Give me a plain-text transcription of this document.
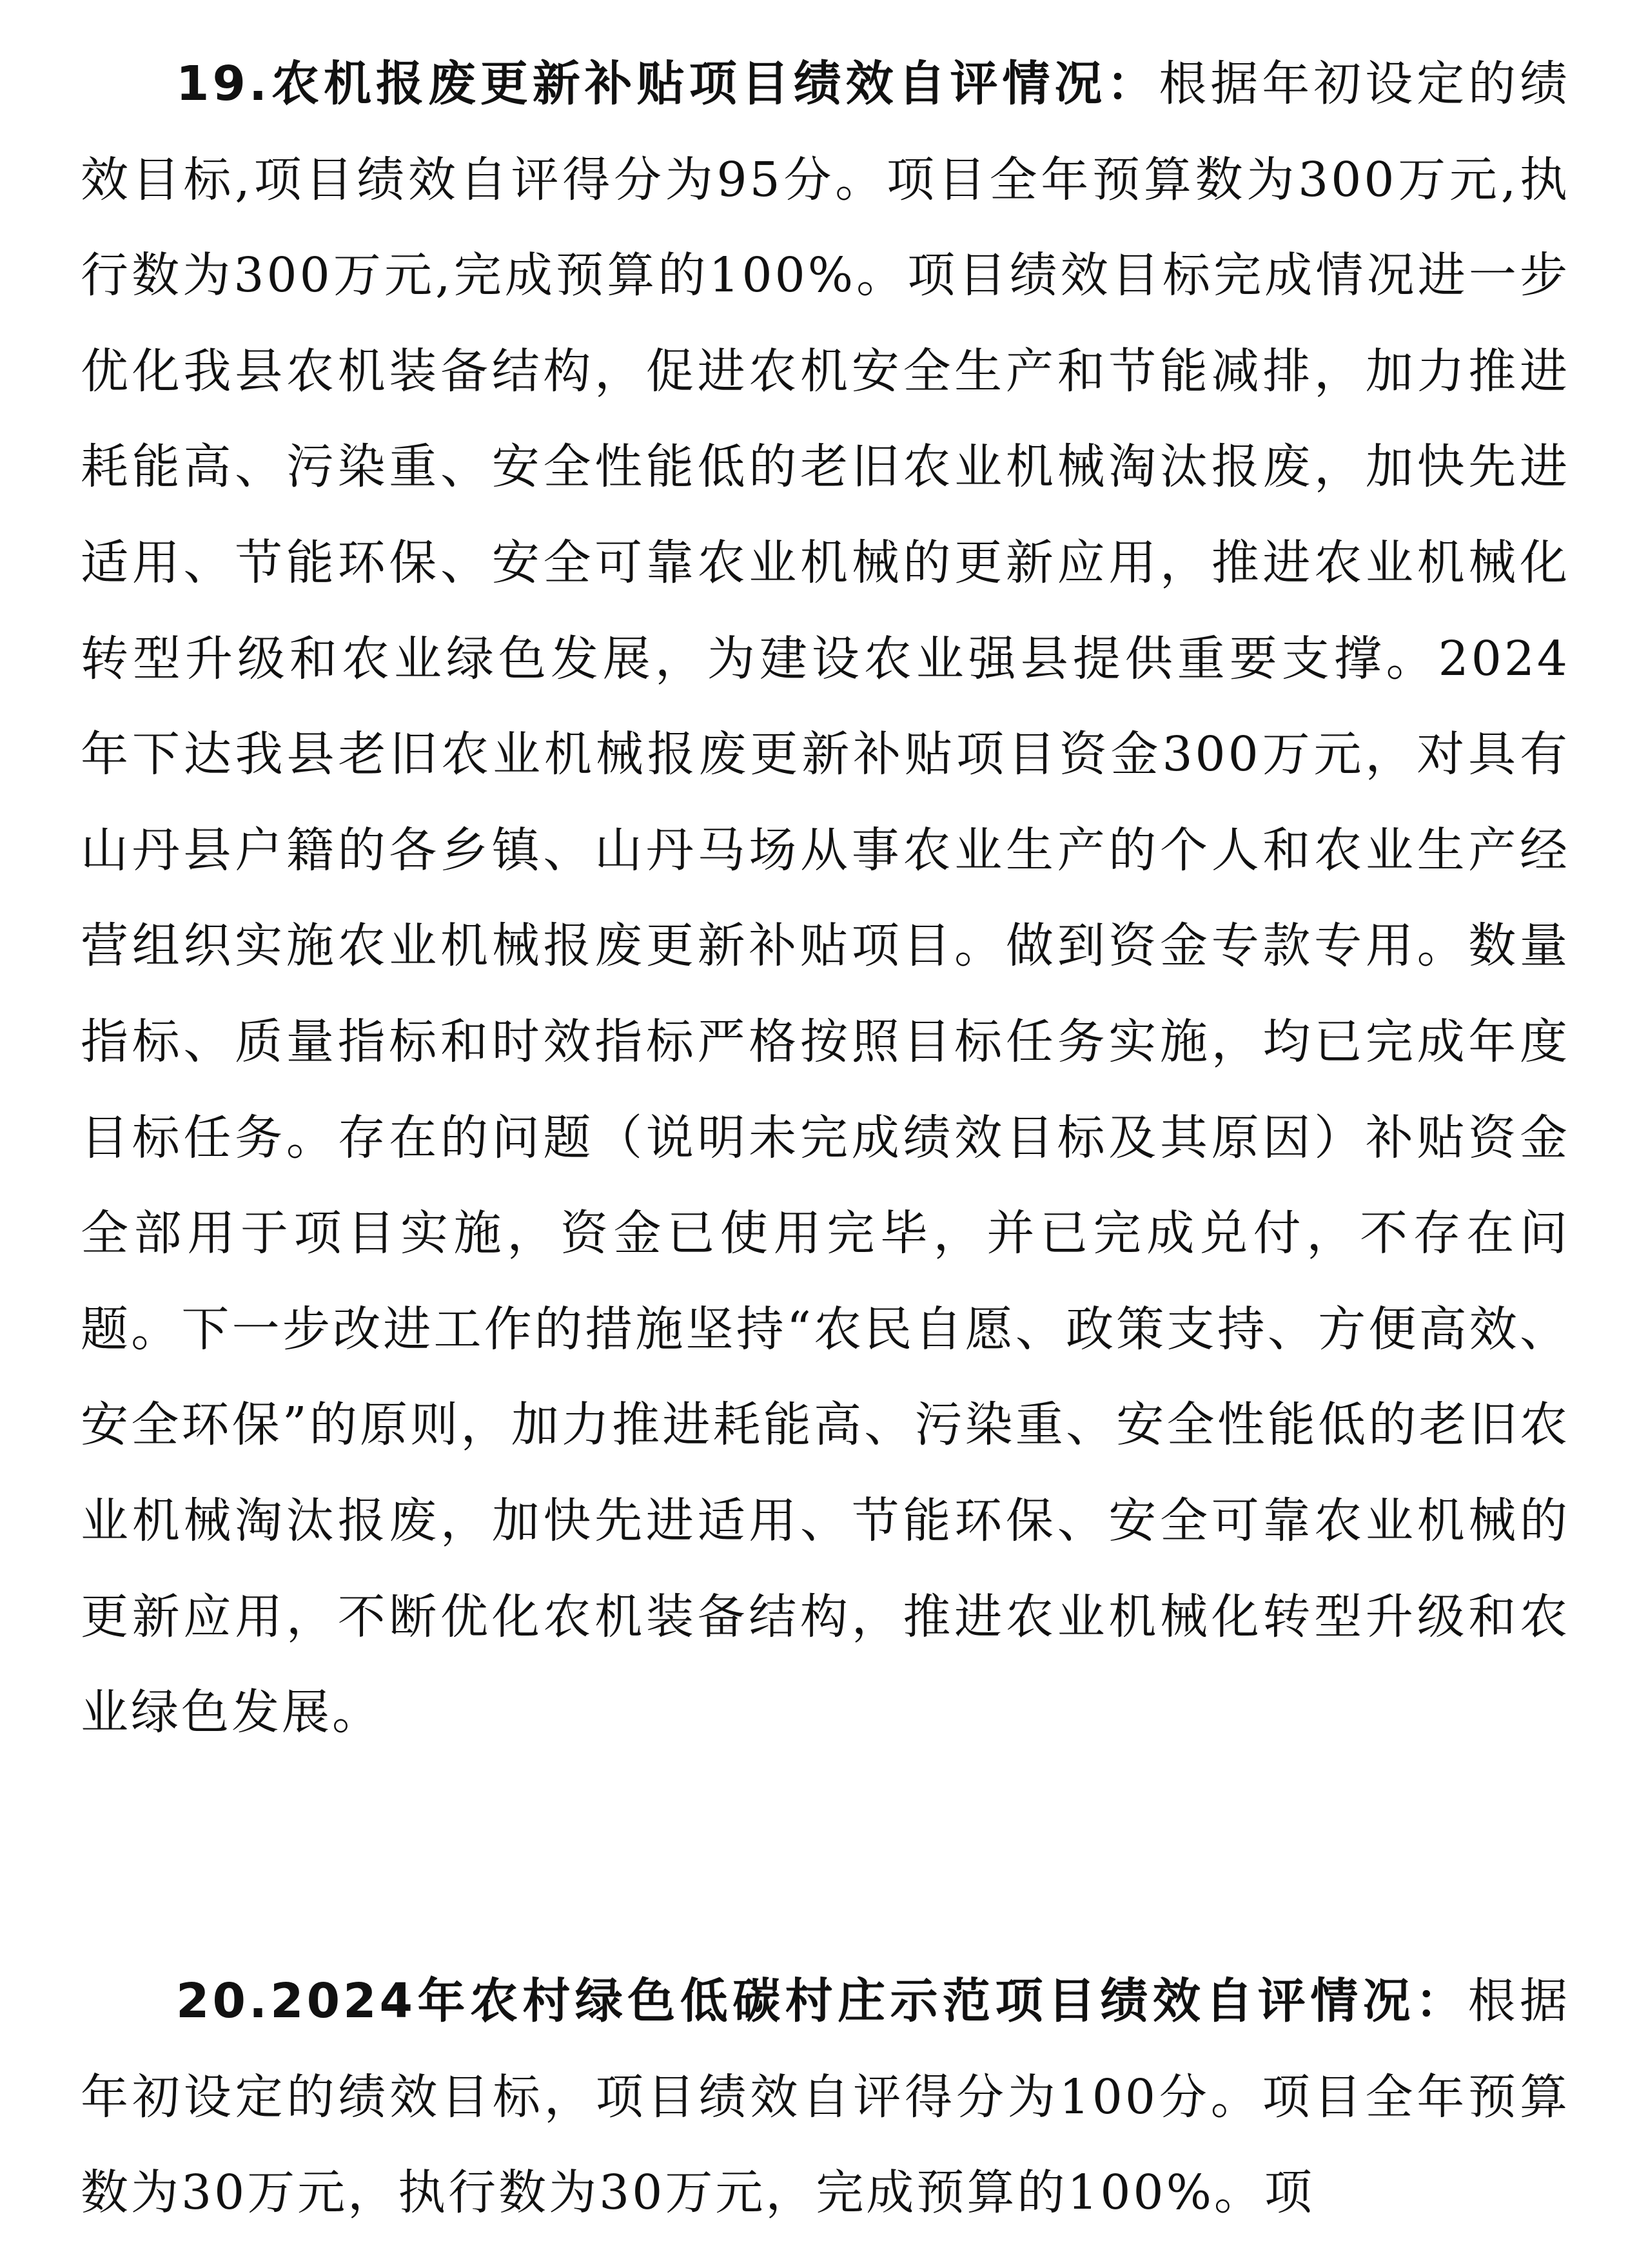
19.农机报废更新补贴项目绩效自评情况：根据年初设定的绩效目标,项目绩效自评得分为95分。项目全年预算数为300万元,执行数为300万元,完成预算的100%。项目绩效目标完成情况进一步优化我县农机装备结构，促进农机安全生产和节能减排，加力推进耗能高、污染重、安全性能低的老旧农业机械淘汰报废，加快先进适用、节能环保、安全可靠农业机械的更新应用，推进农业机械化转型升级和农业绿色发展，为建设农业强县提供重要支撑。2024年下达我县老旧农业机械报废更新补贴项目资金300万元，对具有山丹县户籍的各乡镇、山丹马场从事农业生产的个人和农业生产经营组织实施农业机械报废更新补贴项目。做到资金专款专用。数量指标、质量指标和时效指标严格按照目标任务实施，均已完成年度目标任务。存在的问题（说明未完成绩效目标及其原因）补贴资金全部用于项目实施，资金已使用完毕，并已完成兑付，不存在问题。下一步改进工作的措施坚持“农民自愿、政策支持、方便高效、安全环保”的原则，加力推进耗能高、污染重、安全性能低的老旧农业机械淘汰报废，加快先进适用、节能环保、安全可靠农业机械的更新应用，不断优化农机装备结构，推进农业机械化转型升级和农业绿色发展。

20.2024年农村绿色低碳村庄示范项目绩效自评情况：根据年初设定的绩效目标，项目绩效自评得分为100分。项目全年预算数为30万元，执行数为30万元，完成预算的100%。项
